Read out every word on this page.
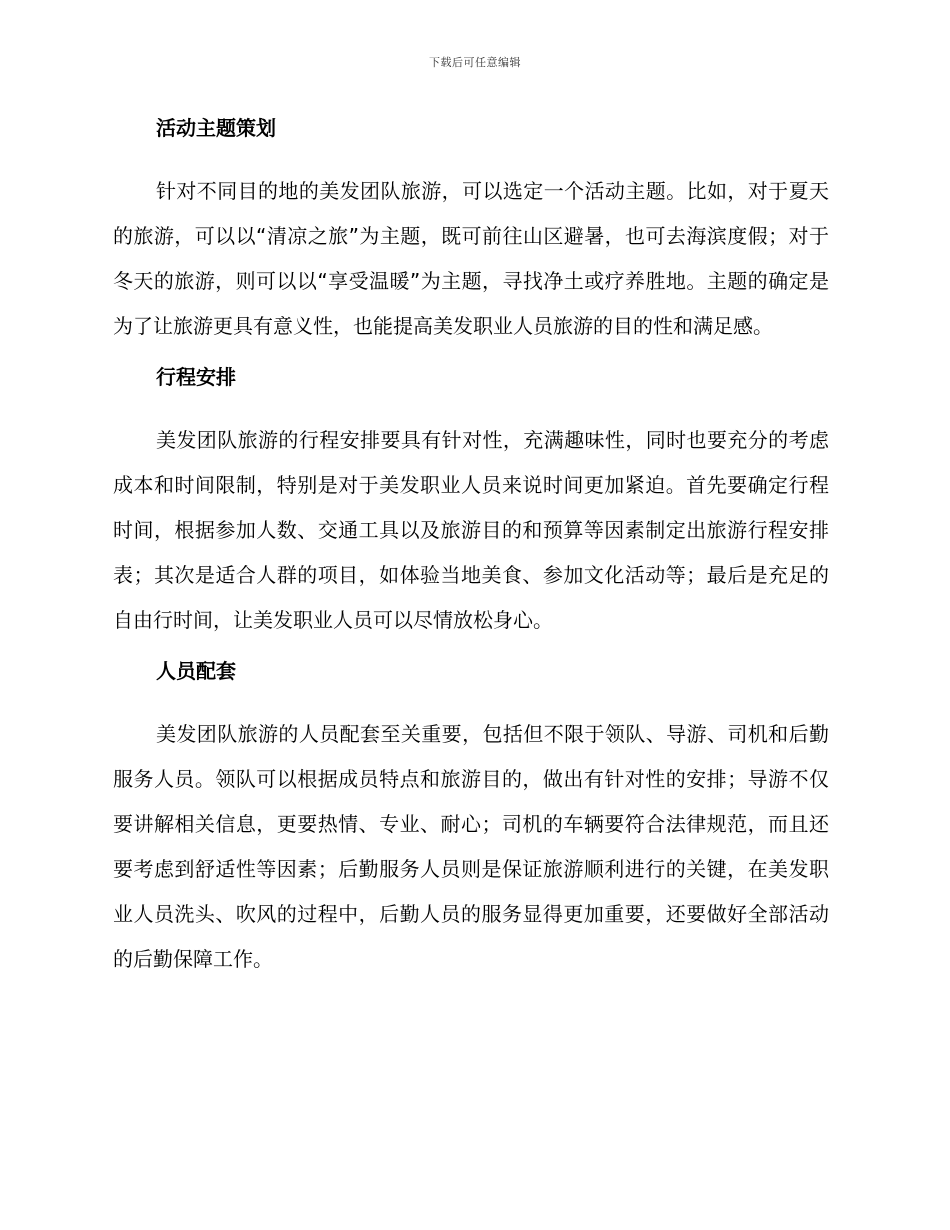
下载后可任意编辑
活动主题策划

针对不同目的地的美发团队旅游，可以选定一个活动主题。比如，对于夏天的旅游，可以以“清凉之旅”为主题，既可前往山区避暑，也可去海滨度假；对于冬天的旅游，则可以以“享受温暖”为主题，寻找净土或疗养胜地。主题的确定是为了让旅游更具有意义性，也能提高美发职业人员旅游的目的性和满足感。

行程安排

美发团队旅游的行程安排要具有针对性，充满趣味性，同时也要充分的考虑成本和时间限制，特别是对于美发职业人员来说时间更加紧迫。首先要确定行程时间，根据参加人数、交通工具以及旅游目的和预算等因素制定出旅游行程安排表；其次是适合人群的项目，如体验当地美食、参加文化活动等；最后是充足的自由行时间，让美发职业人员可以尽情放松身心。

人员配套

美发团队旅游的人员配套至关重要，包括但不限于领队、导游、司机和后勤服务人员。领队可以根据成员特点和旅游目的，做出有针对性的安排；导游不仅要讲解相关信息，更要热情、专业、耐心；司机的车辆要符合法律规范，而且还要考虑到舒适性等因素；后勤服务人员则是保证旅游顺利进行的关键，在美发职业人员洗头、吹风的过程中，后勤人员的服务显得更加重要，还要做好全部活动的后勤保障工作。
